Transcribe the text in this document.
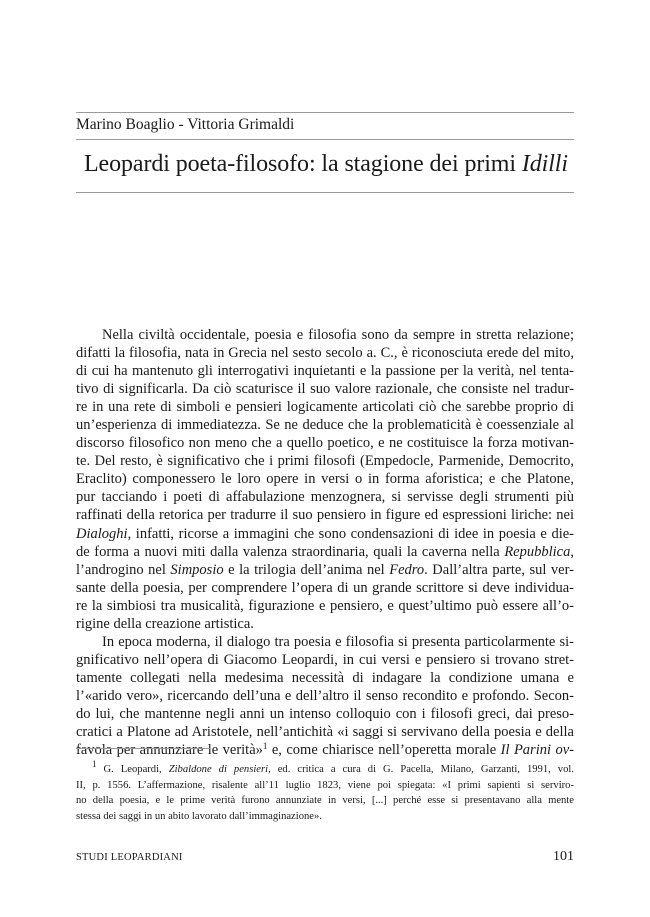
Marino Boaglio - Vittoria Grimaldi
Leopardi poeta-filosofo: la stagione dei primi Idilli

Nella civiltà occidentale, poesia e filosofia sono da sempre in stretta relazione;
difatti la filosofia, nata in Grecia nel sesto secolo a. C., è riconosciuta erede del mito,
di cui ha mantenuto gli interrogativi inquietanti e la passione per la verità, nel tenta-
tivo di significarla. Da ciò scaturisce il suo valore razionale, che consiste nel tradur-
re in una rete di simboli e pensieri logicamente articolati ciò che sarebbe proprio di
un’esperienza di immediatezza. Se ne deduce che la problematicità è coessenziale al
discorso filosofico non meno che a quello poetico, e ne costituisce la forza motivan-
te. Del resto, è significativo che i primi filosofi (Empedocle, Parmenide, Democrito,
Eraclito) componessero le loro opere in versi o in forma aforistica; e che Platone,
pur tacciando i poeti di affabulazione menzognera, si servisse degli strumenti più
raffinati della retorica per tradurre il suo pensiero in figure ed espressioni liriche: nei
Dialoghi, infatti, ricorse a immagini che sono condensazioni di idee in poesia e die-
de forma a nuovi miti dalla valenza straordinaria, quali la caverna nella Repubblica,
l’androgino nel Simposio e la trilogia dell’anima nel Fedro. Dall’altra parte, sul ver-
sante della poesia, per comprendere l’opera di un grande scrittore si deve individua-
re la simbiosi tra musicalità, figurazione e pensiero, e quest’ultimo può essere all’o-
rigine della creazione artistica.

In epoca moderna, il dialogo tra poesia e filosofia si presenta particolarmente si-
gnificativo nell’opera di Giacomo Leopardi, in cui versi e pensiero si trovano stret-
tamente collegati nella medesima necessità di indagare la condizione umana e
l’«arido vero», ricercando dell’una e dell’altro il senso recondito e profondo. Secon-
do lui, che mantenne negli anni un intenso colloquio con i filosofi greci, dai preso-
cratici a Platone ad Aristotele, nell’antichità «i saggi si servivano della poesia e della
favola per annunziare le verità»$^1$ e, come chiarisce nell’operetta morale Il Parini ov-

$^1$ G. Leopardi, Zibaldone di pensieri, ed. critica a cura di G. Pacella, Milano, Garzanti, 1991, vol.
II, p. 1556. L’affermazione, risalente all’11 luglio 1823, viene poi spiegata: «I primi sapienti si serviro-
no della poesia, e le prime verità furono annunziate in versi, [...] perché esse si presentavano alla mente
stessa dei saggi in un abito lavorato dall’immaginazione».
STUDI LEOPARDIANI	101
